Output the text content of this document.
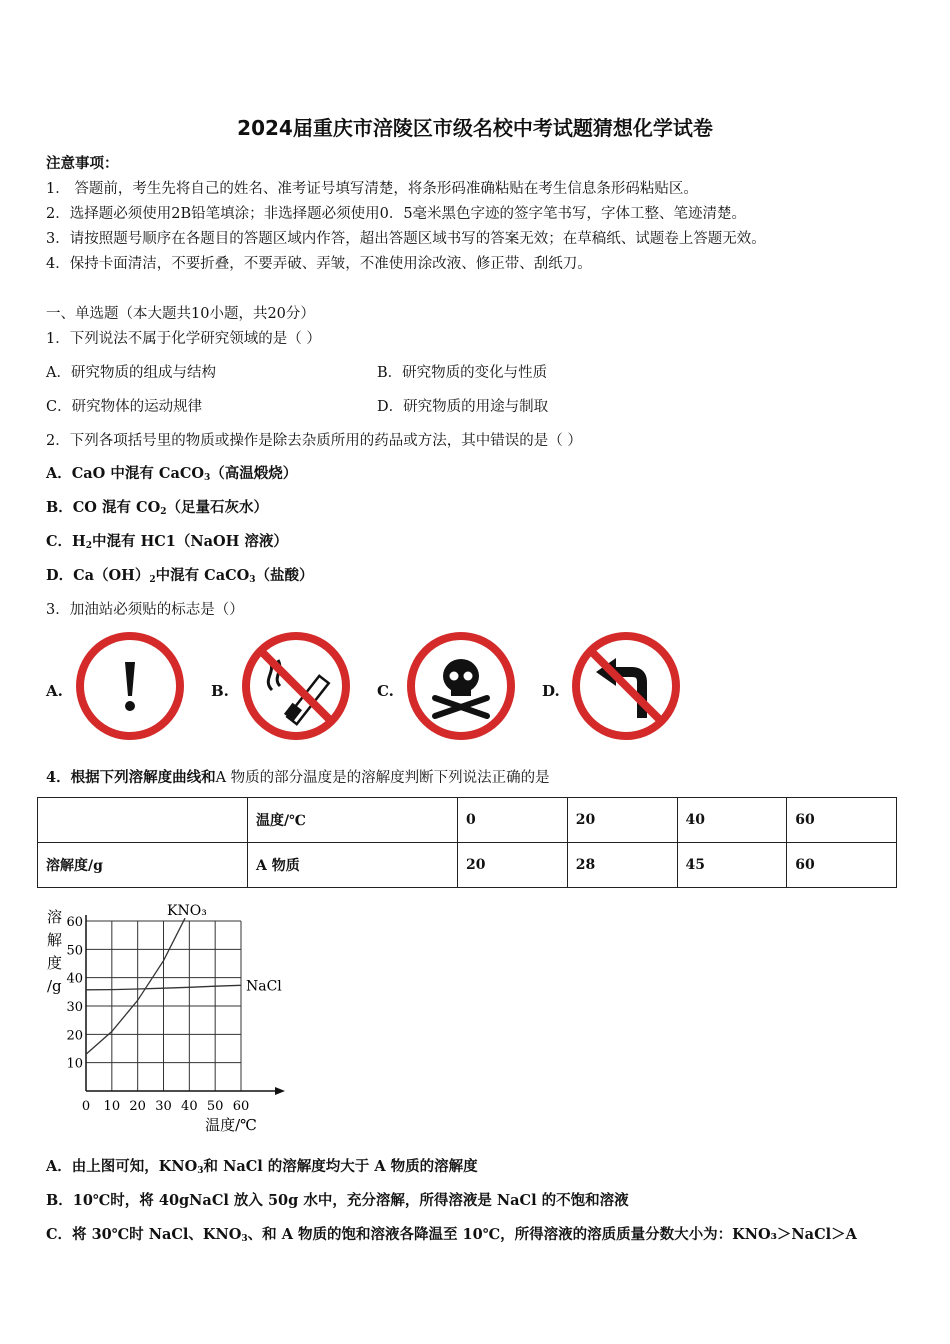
2024届重庆市涪陵区市级名校中考试题猜想化学试卷
注意事项：
1． 答题前，考生先将自己的姓名、准考证号填写清楚，将条形码准确粘贴在考生信息条形码粘贴区。
2．选择题必须使用2B铅笔填涂；非选择题必须使用0．5毫米黑色字迹的签字笔书写，字体工整、笔迹清楚。
3．请按照题号顺序在各题目的答题区域内作答，超出答题区域书写的答案无效；在草稿纸、试题卷上答题无效。
4．保持卡面清洁，不要折叠，不要弄破、弄皱，不准使用涂改液、修正带、刮纸刀。
一、单选题（本大题共10小题，共20分）
1．下列说法不属于化学研究领域的是（ ）
A．研究物质的组成与结构	B．研究物质的变化与性质
C．研究物体的运动规律	D．研究物质的用途与制取
2．下列各项括号里的物质或操作是除去杂质所用的药品或方法，其中错误的是（ ）
A．CaO 中混有 CaCO$_3$（高温煅烧）
B．CO 混有 $CO_2$（足量石灰水）
C．$H_2$中混有 HC1（NaOH 溶液）
D．$Ca(OH)_2$中混有 CaCO$_3$（盐酸）
3．加油站必须贴的标志是（）
A.	B.	C.	D.
4．根据下列溶解度曲线和A 物质的部分温度是的溶解度判断下列说法正确的是
	温度/℃	0	20	40	60
溶解度/g	A 物质	20	28	45	60
0 10 20 30 40 50 60
10
20
30
40
50
60
溶
解
度
/g
温度/℃
KNO₃
NaCl
A．由上图可知，$KNO_3$和 NaCl 的溶解度均大于 A 物质的溶解度
B．10℃时，将 40gNaCl 放入 50g 水中，充分溶解，所得溶液是 NaCl 的不饱和溶液
C．将 30℃时 NaCl、$KNO_3$、和 A 物质的饱和溶液各降温至 10℃，所得溶液的溶质质量分数大小为：KNO₃＞NaCl＞A
